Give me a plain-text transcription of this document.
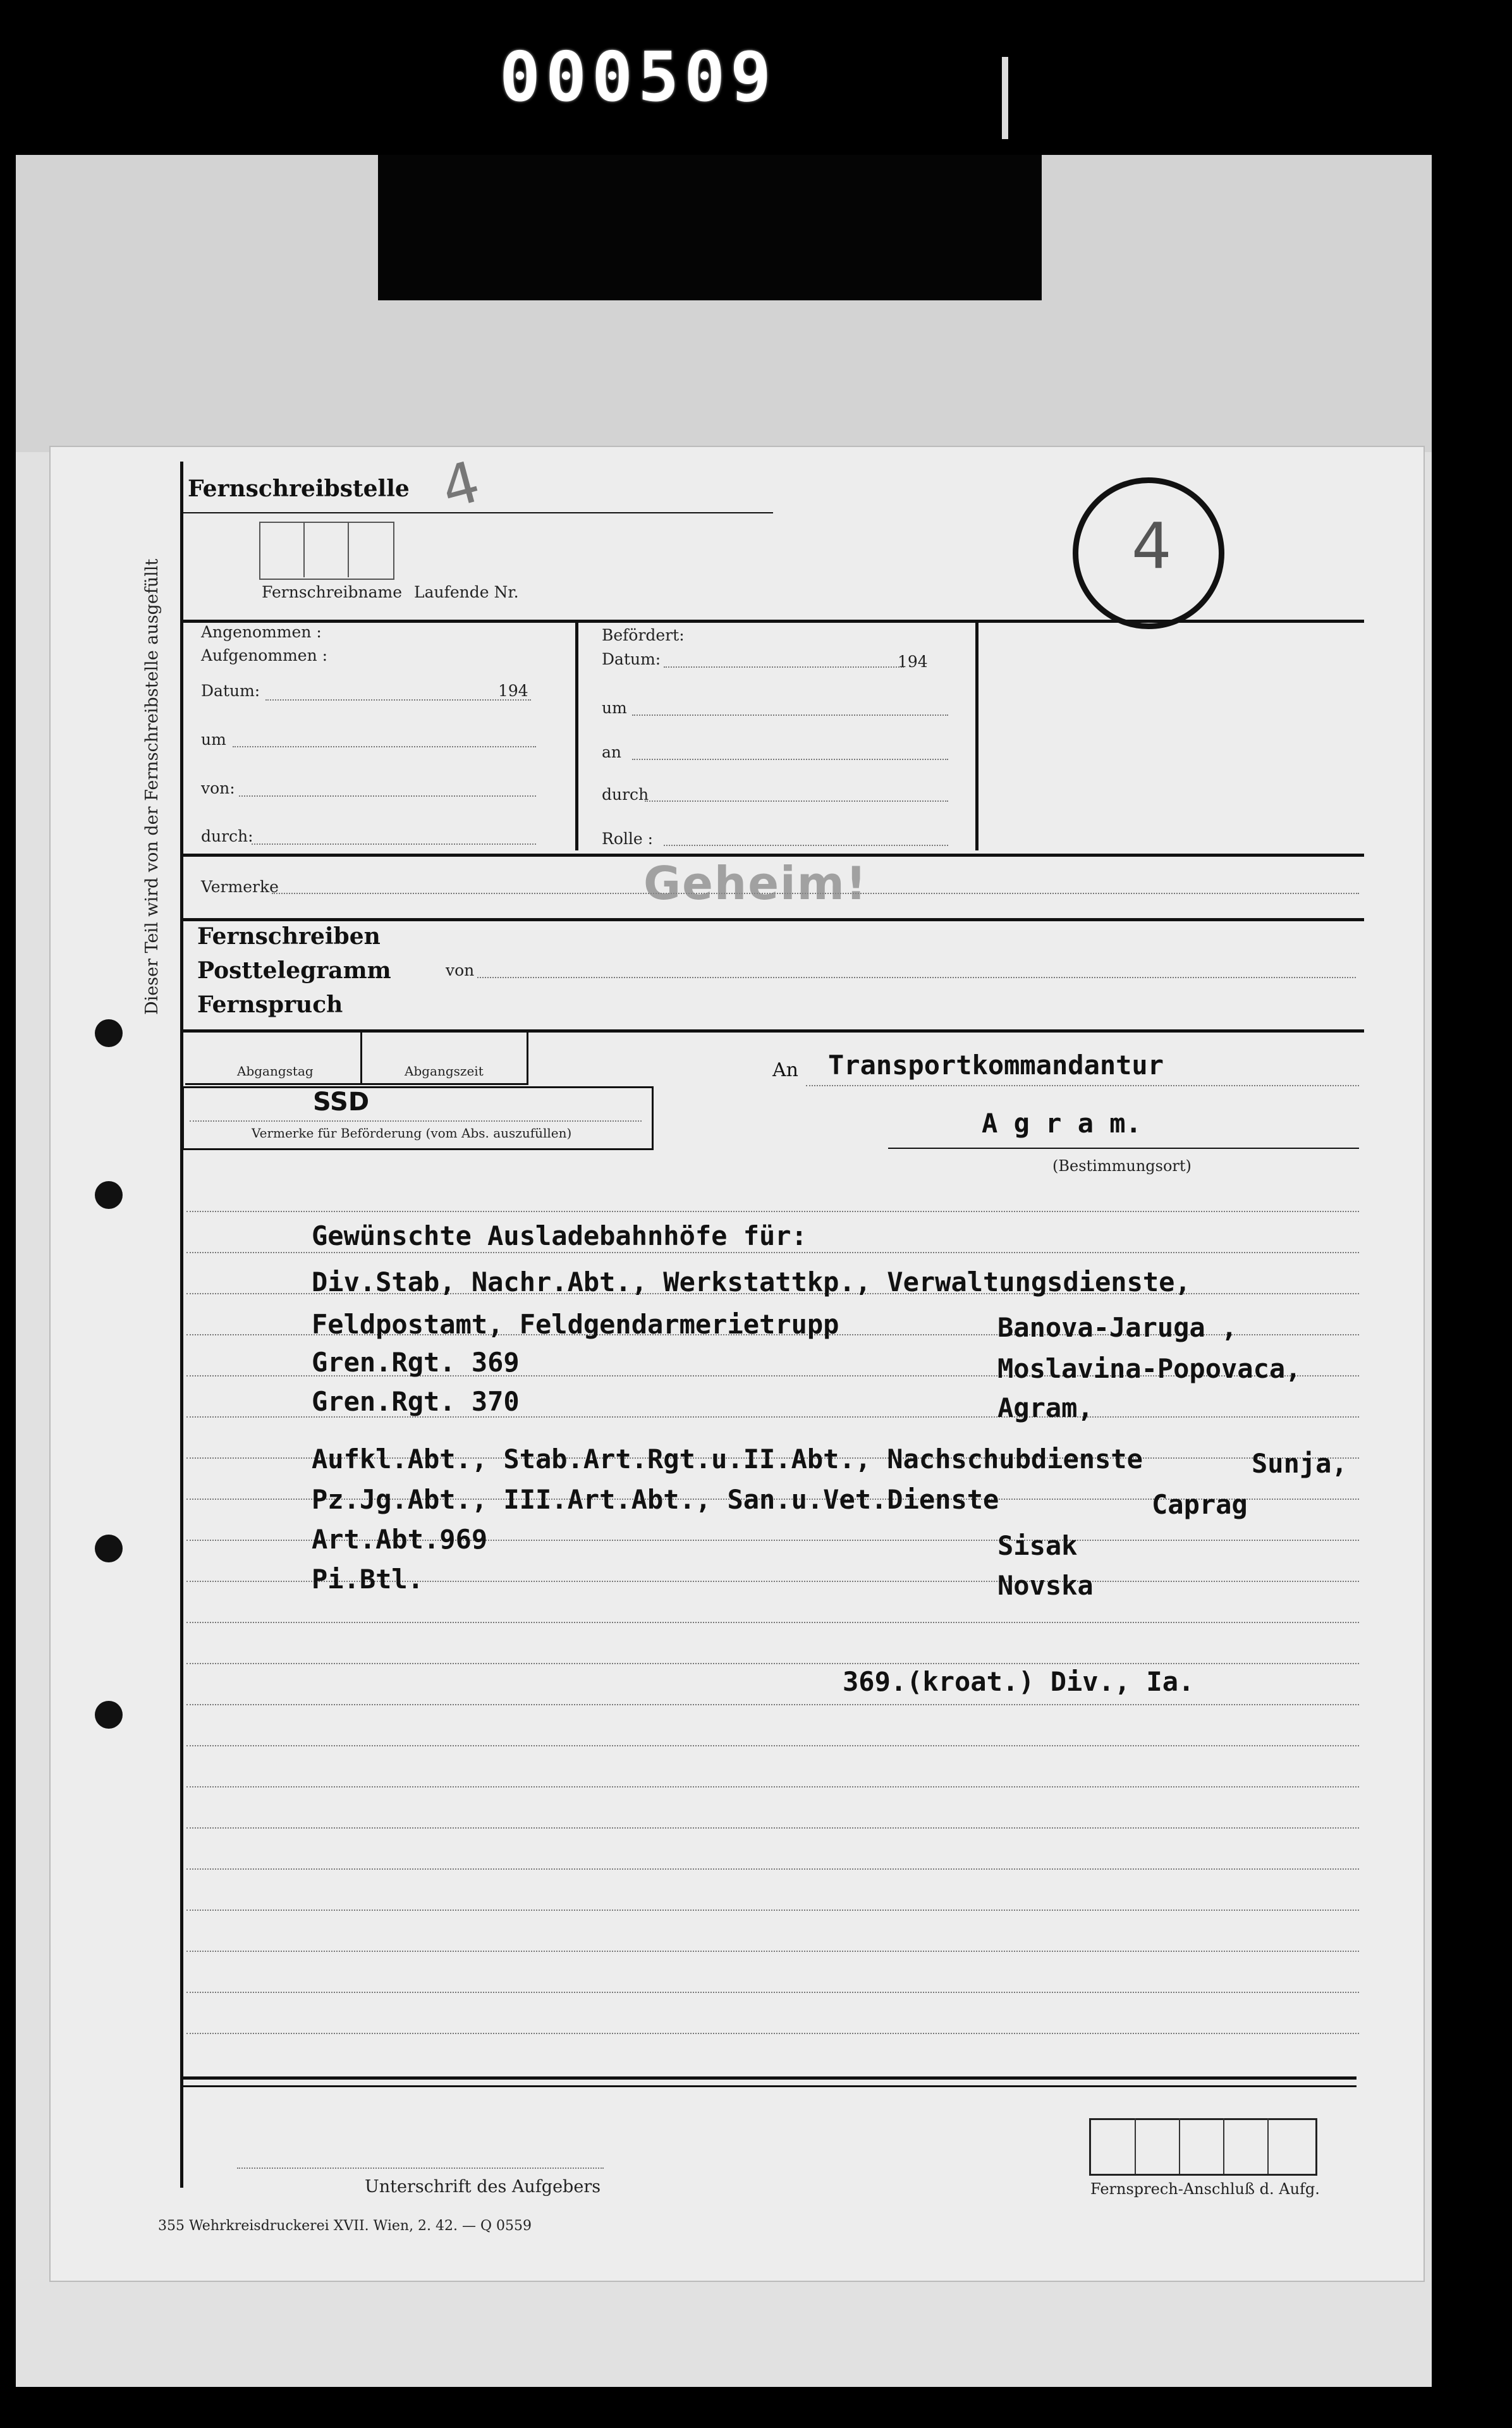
000509
Dieser Teil wird von der Fernschreibstelle ausgefüllt
Fernschreibstelle 4
Fernschreibname Laufende Nr.
4
Angenommen :
Aufgenommen :
Datum:	194
um
von:
durch:
Befördert:
Datum:	194
um
an
durch
Rolle :
Vermerke	Geheim!
Fernschreiben
Posttelegramm
Fernspruch
von
Abgangstag	Abgangszeit
SSD
Vermerke für Beförderung (vom Abs. auszufüllen)
An Transportkommandantur
A g r a m.
(Bestimmungsort)
Gewünschte Ausladebahnhöfe für:
Div.Stab, Nachr.Abt., Werkstattkp., Verwaltungsdienste,
Feldpostamt, Feldgendarmerietrupp	Banova-Jaruga ,
Gren.Rgt. 369	Moslavina-Popovaca,
Gren.Rgt. 370	Agram,
Aufkl.Abt., Stab.Art.Rgt.u.II.Abt., Nachschubdienste	Sunja,
Pz.Jg.Abt., III.Art.Abt., San.u.Vet.Dienste	Caprag
Art.Abt.969	Sisak
Pi.Btl.	Novska
369.(kroat.) Div., Ia.
Unterschrift des Aufgebers	Fernsprech-Anschluß d. Aufg.
355 Wehrkreisdruckerei XVII. Wien, 2. 42. — Q 0559
